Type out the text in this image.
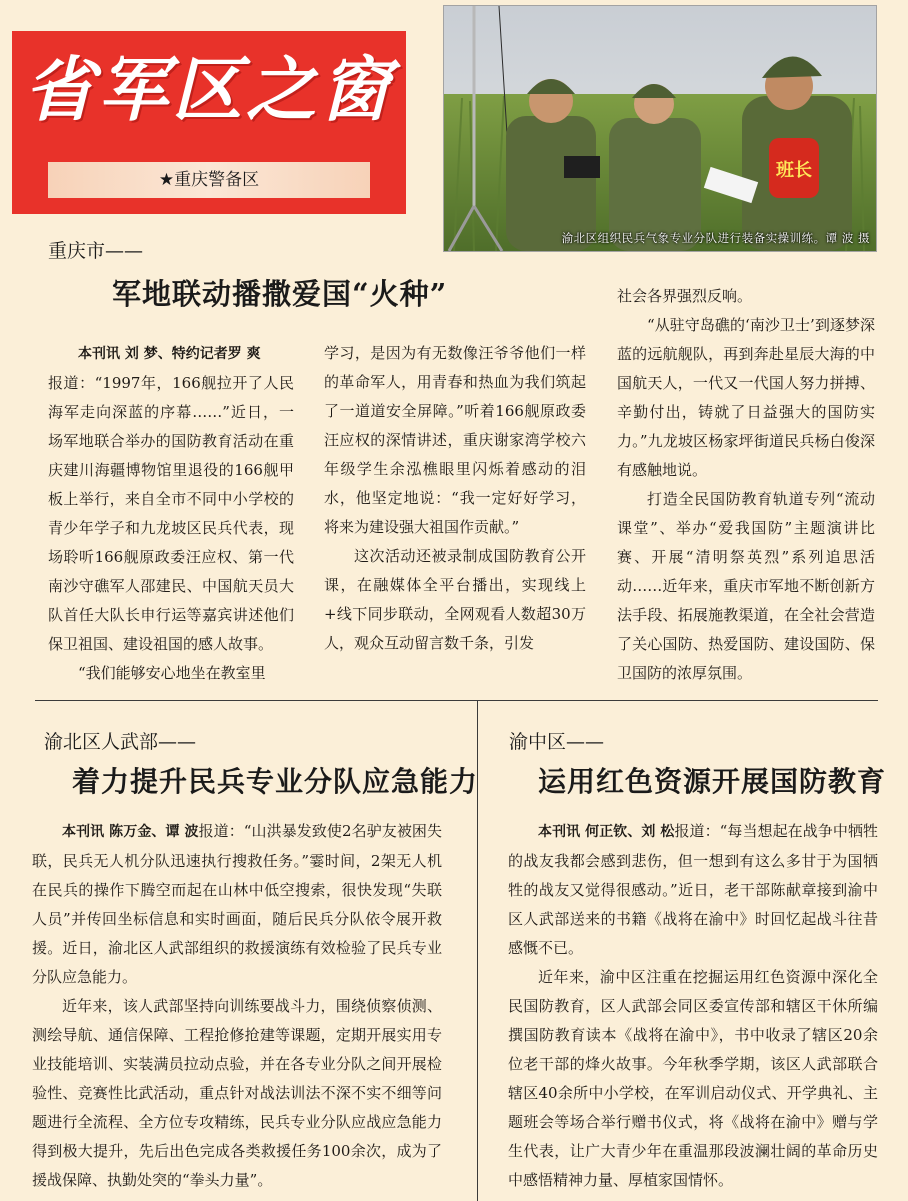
省军区之窗
★重庆警备区	班长
渝北区组织民兵气象专业分队进行装备实操训练。谭 波 摄
重庆市——
军地联动播撒爱国“火种”

本刊讯 刘 梦、特约记者罗 爽

报道：“1997年，166舰拉开了人民海军走向深蓝的序幕……”近日，一场军地联合举办的国防教育活动在重庆建川海疆博物馆里退役的166舰甲板上举行，来自全市不同中小学校的青少年学子和九龙坡区民兵代表，现场聆听166舰原政委汪应权、第一代南沙守礁军人邵建民、中国航天员大队首任大队长申行运等嘉宾讲述他们保卫祖国、建设祖国的感人故事。

“我们能够安心地坐在教室里

学习，是因为有无数像汪爷爷他们一样的革命军人，用青春和热血为我们筑起了一道道安全屏障。”听着166舰原政委汪应权的深情讲述，重庆谢家湾学校六年级学生余泓樵眼里闪烁着感动的泪水，他坚定地说：“我一定好好学习，将来为建设强大祖国作贡献。”

这次活动还被录制成国防教育公开课，在融媒体全平台播出，实现线上+线下同步联动，全网观看人数超30万人，观众互动留言数千条，引发

社会各界强烈反响。

“从驻守岛礁的‘南沙卫士’到逐梦深蓝的远航舰队，再到奔赴星辰大海的中国航天人，一代又一代国人努力拼搏、辛勤付出，铸就了日益强大的国防实力。”九龙坡区杨家坪街道民兵杨白俊深有感触地说。

打造全民国防教育轨道专列“流动课堂”、举办“爱我国防”主题演讲比赛、开展“清明祭英烈”系列追思活动……近年来，重庆市军地不断创新方法手段、拓展施教渠道，在全社会营造了关心国防、热爱国防、建设国防、保卫国防的浓厚氛围。

渝北区人武部——
着力提升民兵专业分队应急能力

本刊讯 陈万金、谭 波报道：“山洪暴发致使2名驴友被困失联，民兵无人机分队迅速执行搜救任务。”霎时间，2架无人机在民兵的操作下腾空而起在山林中低空搜索，很快发现“失联人员”并传回坐标信息和实时画面，随后民兵分队依令展开救援。近日，渝北区人武部组织的救援演练有效检验了民兵专业分队应急能力。

近年来，该人武部坚持向训练要战斗力，围绕侦察侦测、测绘导航、通信保障、工程抢修抢建等课题，定期开展实用专业技能培训、实装满员拉动点验，并在各专业分队之间开展检验性、竞赛性比武活动，重点针对战法训法不深不实不细等问题进行全流程、全方位专攻精练，民兵专业分队应战应急能力得到极大提升，先后出色完成各类救援任务100余次，成为了援战保障、执勤处突的“拳头力量”。

渝中区——
运用红色资源开展国防教育

本刊讯 何正钦、刘 松报道：“每当想起在战争中牺牲的战友我都会感到悲伤，但一想到有这么多甘于为国牺牲的战友又觉得很感动。”近日，老干部陈献章接到渝中区人武部送来的书籍《战将在渝中》时回忆起战斗往昔感慨不已。

近年来，渝中区注重在挖掘运用红色资源中深化全民国防教育，区人武部会同区委宣传部和辖区干休所编撰国防教育读本《战将在渝中》，书中收录了辖区20余位老干部的烽火故事。今年秋季学期，该区人武部联合辖区40余所中小学校，在军训启动仪式、开学典礼、主题班会等场合举行赠书仪式，将《战将在渝中》赠与学生代表，让广大青少年在重温那段波澜壮阔的革命历史中感悟精神力量、厚植家国情怀。
